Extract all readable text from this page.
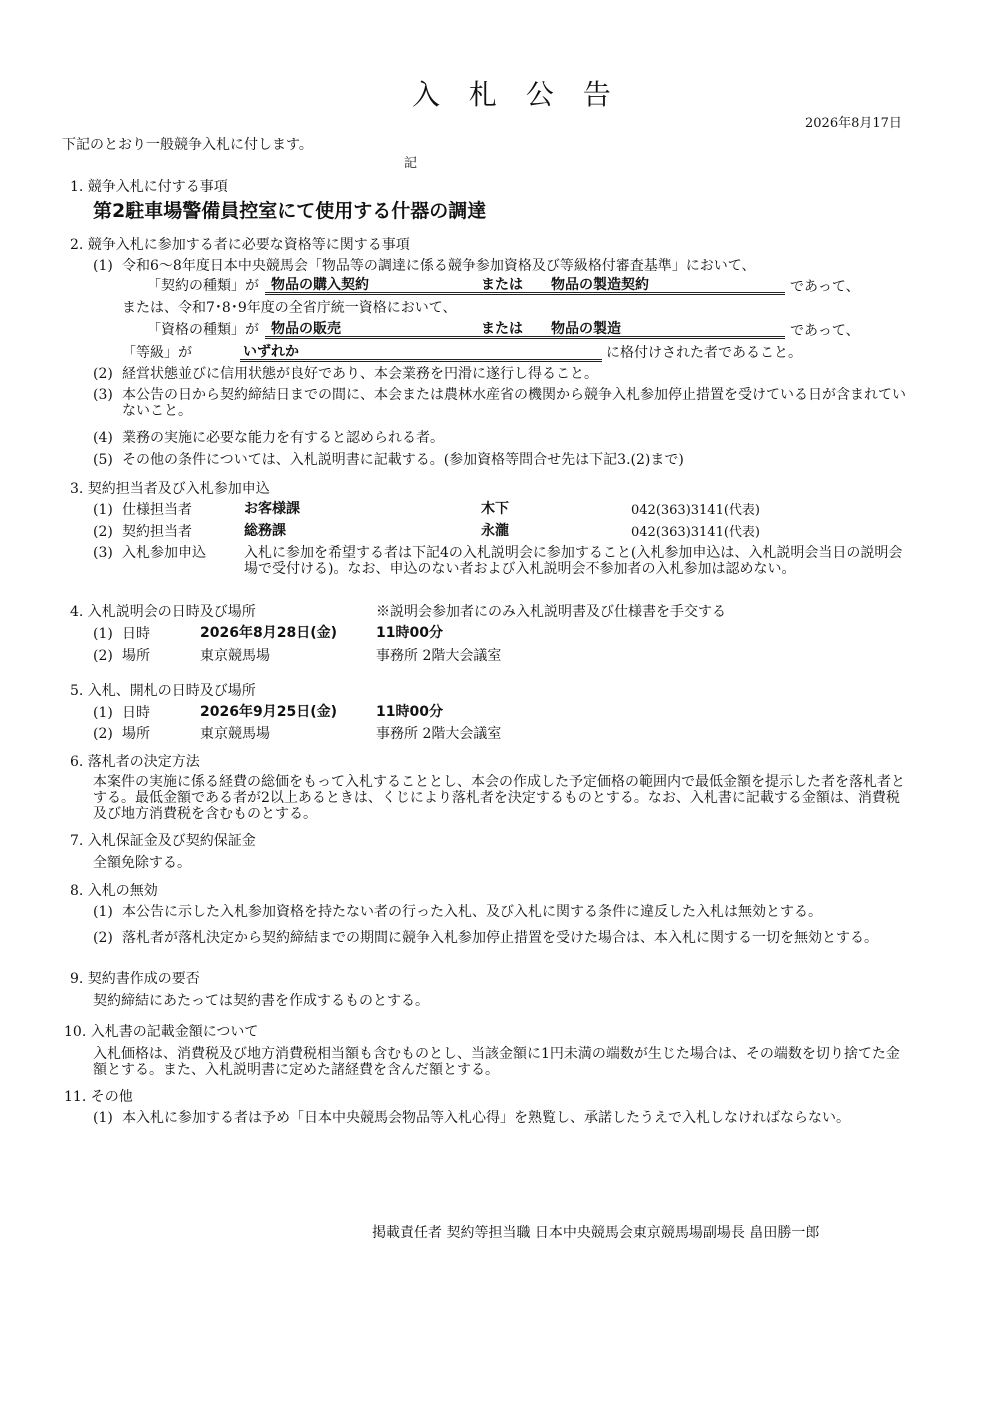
入 札 公 告
2026年8月17日
下記のとおり一般競争入札に付します。
記
1. 競争入札に付する事項
第2駐車場警備員控室にて使用する什器の調達
2. 競争入札に参加する者に必要な資格等に関する事項
(1) 令和6～8年度日本中央競馬会「物品等の調達に係る競争参加資格及び等級格付審査基準」において、
「契約の種類」が 物品の購入契約	または 物品の製造契約	であって、
または、令和7･8･9年度の全省庁統一資格において、
「資格の種類」が 物品の販売	または 物品の製造	であって、
「等級」が	いずれか	に格付けされた者であること。
(2) 経営状態並びに信用状態が良好であり、本会業務を円滑に遂行し得ること。
(3) 本公告の日から契約締結日までの間に、本会または農林水産省の機関から競争入札参加停止措置を受けている日が含まれていないこと。
(4) 業務の実施に必要な能力を有すると認められる者。
(5) その他の条件については、入札説明書に記載する。(参加資格等問合せ先は下記3.(2)まで)
3. 契約担当者及び入札参加申込
(1) 仕様担当者	お客様課	木下	042(363)3141(代表)
(2) 契約担当者	総務課	永瀧	042(363)3141(代表)
(3) 入札参加申込	入札に参加を希望する者は下記4の入札説明会に参加すること(入札参加申込は、入札説明会当日の説明会場で受付ける)。なお、申込のない者および入札説明会不参加者の入札参加は認めない。
4. 入札説明会の日時及び場所	※説明会参加者にのみ入札説明書及び仕様書を手交する
(1) 日時	2026年8月28日(金)	11時00分
(2) 場所	東京競馬場	事務所 2階大会議室
5. 入札、開札の日時及び場所
(1) 日時	2026年9月25日(金)	11時00分
(2) 場所	東京競馬場	事務所 2階大会議室
6. 落札者の決定方法
本案件の実施に係る経費の総価をもって入札することとし、本会の作成した予定価格の範囲内で最低金額を提示した者を落札者とする。最低金額である者が2以上あるときは、くじにより落札者を決定するものとする。なお、入札書に記載する金額は、消費税及び地方消費税を含むものとする。
7. 入札保証金及び契約保証金
全額免除する。
8. 入札の無効
(1) 本公告に示した入札参加資格を持たない者の行った入札、及び入札に関する条件に違反した入札は無効とする。
(2) 落札者が落札決定から契約締結までの期間に競争入札参加停止措置を受けた場合は、本入札に関する一切を無効とする。
9. 契約書作成の要否
契約締結にあたっては契約書を作成するものとする。
10. 入札書の記載金額について
入札価格は、消費税及び地方消費税相当額も含むものとし、当該金額に1円未満の端数が生じた場合は、その端数を切り捨てた金額とする。また、入札説明書に定めた諸経費を含んだ額とする。
11. その他
(1) 本入札に参加する者は予め「日本中央競馬会物品等入札心得」を熟覧し、承諾したうえで入札しなければならない。
掲載責任者 契約等担当職 日本中央競馬会東京競馬場副場長 畠田勝一郎
